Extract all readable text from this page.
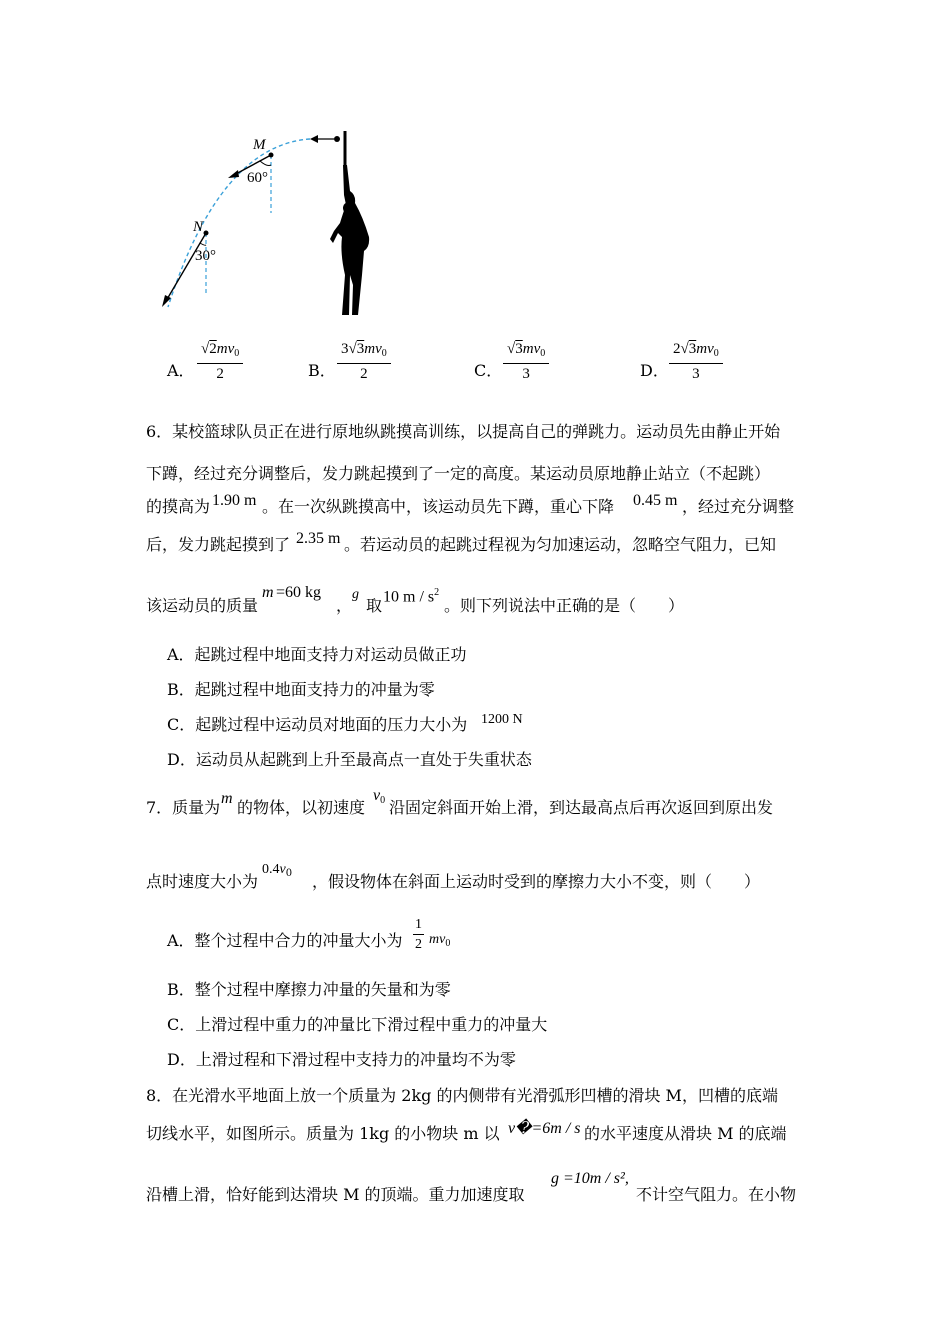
M
60°
N
30°
A． $\frac{√2mv_0}{2}$	B． $\frac{3√3mv_0}{2}$	C． $\frac{√3mv_0}{3}$	D． $\frac{2√3mv_0}{3}$
6．某校篮球队员正在进行原地纵跳摸高训练，以提高自己的弹跳力。运动员先由静止开始
下蹲，经过充分调整后，发力跳起摸到了一定的高度。某运动员原地静止站立（不起跳）
的摸高为 1.90 m 。在一次纵跳摸高中，该运动员先下蹲，重心下降 0.45 m ，经过充分调整
后，发力跳起摸到了 2.35 m 。若运动员的起跳过程视为匀加速运动，忽略空气阻力，已知
该运动员的质量
m =60 kg
，
g
取 10 m / $s^2$
。则下列说法中正确的是（　　）
A．起跳过程中地面支持力对运动员做正功
B．起跳过程中地面支持力的冲量为零
C．起跳过程中运动员对地面的压力大小为 1200 N
D．运动员从起跳到上升至最高点一直处于失重状态
7．质量为 m 的物体，以初速度
$v_0$ 沿固定斜面开始上滑，到达最高点后再次返回到原出发
点时速度大小为
$0.4v_0$ ，假设物体在斜面上运动时受到的摩擦力大小不变，则（　　）
A．整个过程中合力的冲量大小为 $\frac{1}{2} mv_0$
B．整个过程中摩擦力冲量的矢量和为零
C．上滑过程中重力的冲量比下滑过程中重力的冲量大
D．上滑过程和下滑过程中支持力的冲量均不为零
8．在光滑水平地面上放一个质量为 2kg 的内侧带有光滑弧形凹槽的滑块 M，凹槽的底端
切线水平，如图所示。质量为 1kg 的小物块 m 以 v�=6m / s 的水平速度从滑块 M 的底端
沿槽上滑，恰好能到达滑块 M 的顶端。重力加速度取
g =10m / s²,
不计空气阻力。在小物
